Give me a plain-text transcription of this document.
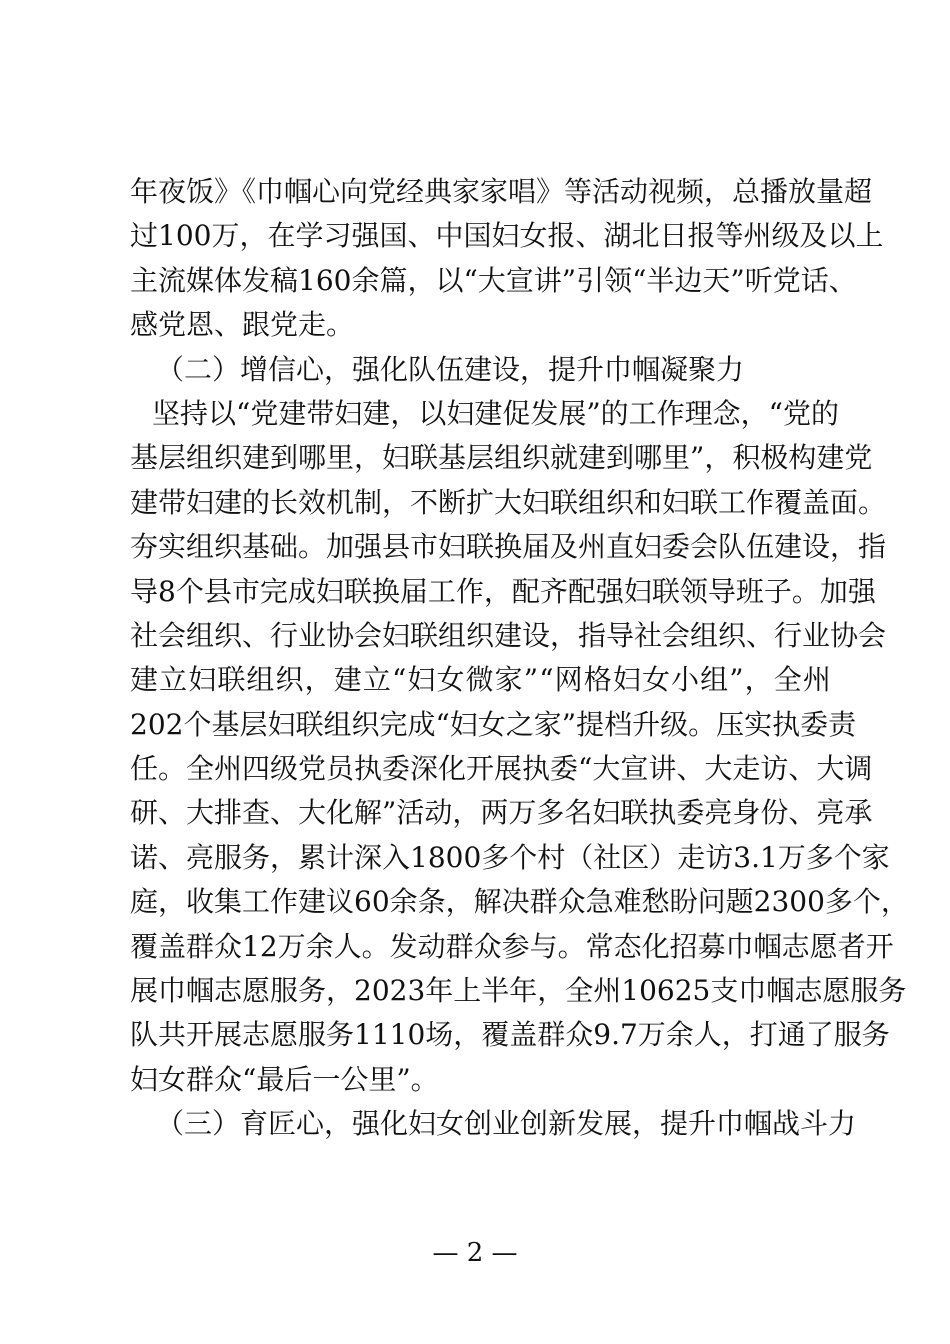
年夜饭》《巾帼心向党经典家家唱》等活动视频，总播放量超
过100万，在学习强国、中国妇女报、湖北日报等州级及以上
主流媒体发稿160余篇，以“大宣讲”引领“半边天”听党话、
感党恩、跟党走。
（二）增信心，强化队伍建设，提升巾帼凝聚力
坚持以“党建带妇建，以妇建促发展”的工作理念，“党的
基层组织建到哪里，妇联基层组织就建到哪里”，积极构建党
建带妇建的长效机制，不断扩大妇联组织和妇联工作覆盖面。
夯实组织基础。加强县市妇联换届及州直妇委会队伍建设，指
导8个县市完成妇联换届工作，配齐配强妇联领导班子。加强
社会组织、行业协会妇联组织建设，指导社会组织、行业协会
建立妇联组织，建立“妇女微家”“网格妇女小组”，全州
202个基层妇联组织完成“妇女之家”提档升级。压实执委责
任。全州四级党员执委深化开展执委“大宣讲、大走访、大调
研、大排查、大化解”活动，两万多名妇联执委亮身份、亮承
诺、亮服务，累计深入1800多个村（社区）走访3.1万多个家
庭，收集工作建议60余条，解决群众急难愁盼问题2300多个，
覆盖群众12万余人。发动群众参与。常态化招募巾帼志愿者开
展巾帼志愿服务，2023年上半年，全州10625支巾帼志愿服务
队共开展志愿服务1110场，覆盖群众9.7万余人，打通了服务
妇女群众“最后一公里”。
（三）育匠心，强化妇女创业创新发展，提升巾帼战斗力
— 2 —
